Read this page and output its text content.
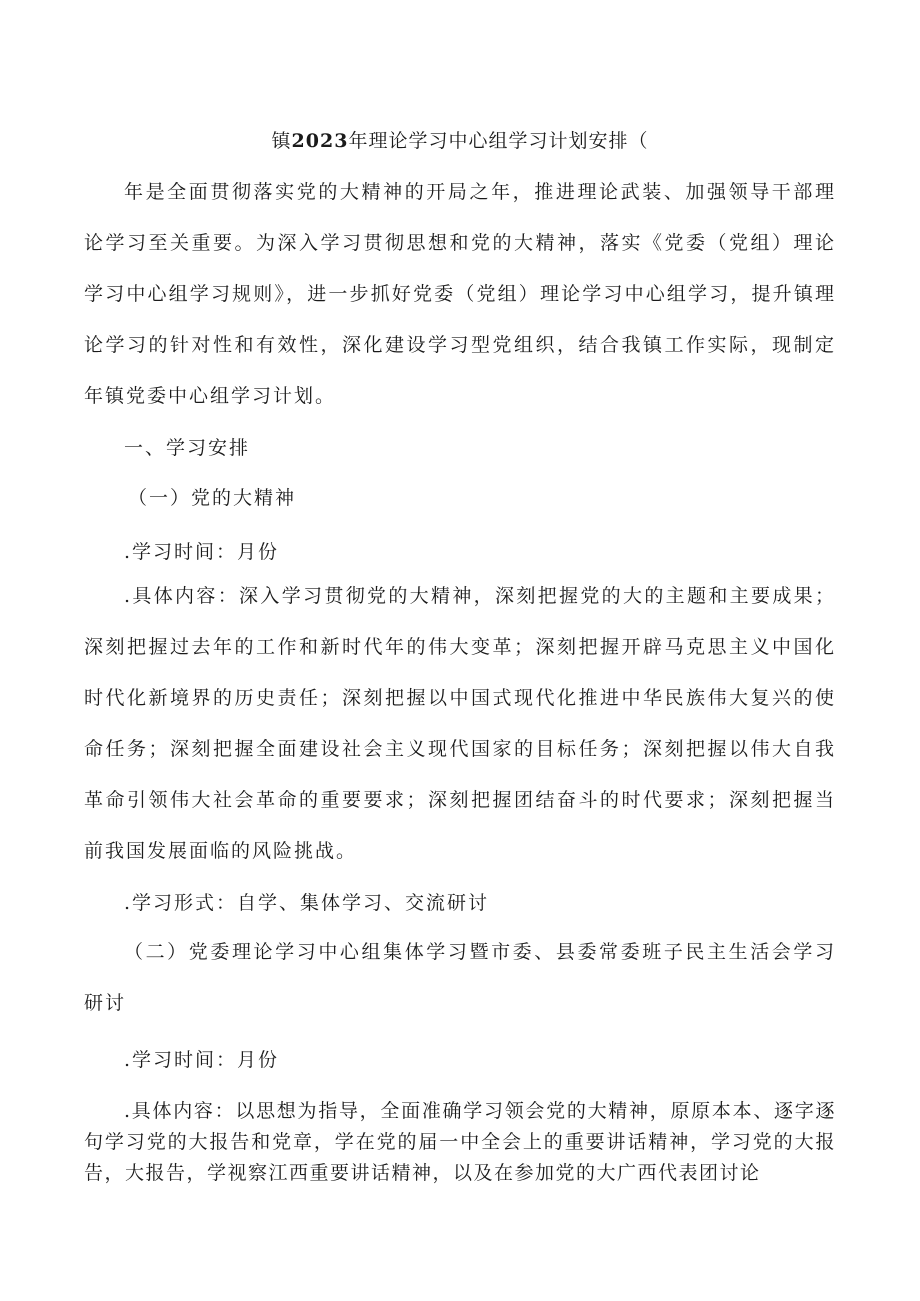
镇2023年理论学习中心组学习计划安排（
年是全面贯彻落实党的大精神的开局之年，推进理论武装、加强领导干部理论学习至关重要。为深入学习贯彻思想和党的大精神，落实《党委（党组）理论学习中心组学习规则》，进一步抓好党委（党组）理论学习中心组学习，提升镇理论学习的针对性和有效性，深化建设学习型党组织，结合我镇工作实际，现制定年镇党委中心组学习计划。
一、学习安排
（一）党的大精神
.学习时间：月份
.具体内容：深入学习贯彻党的大精神，深刻把握党的大的主题和主要成果；深刻把握过去年的工作和新时代年的伟大变革；深刻把握开辟马克思主义中国化时代化新境界的历史责任；深刻把握以中国式现代化推进中华民族伟大复兴的使命任务；深刻把握全面建设社会主义现代国家的目标任务；深刻把握以伟大自我革命引领伟大社会革命的重要要求；深刻把握团结奋斗的时代要求；深刻把握当前我国发展面临的风险挑战。
.学习形式：自学、集体学习、交流研讨
（二）党委理论学习中心组集体学习暨市委、县委常委班子民主生活会学习研讨
.学习时间：月份
.具体内容：以思想为指导，全面准确学习领会党的大精神，原原本本、逐字逐句学习党的大报告和党章，学在党的届一中全会上的重要讲话精神，学习党的大报告，大报告，学视察江西重要讲话精神，以及在参加党的大广西代表团讨论
